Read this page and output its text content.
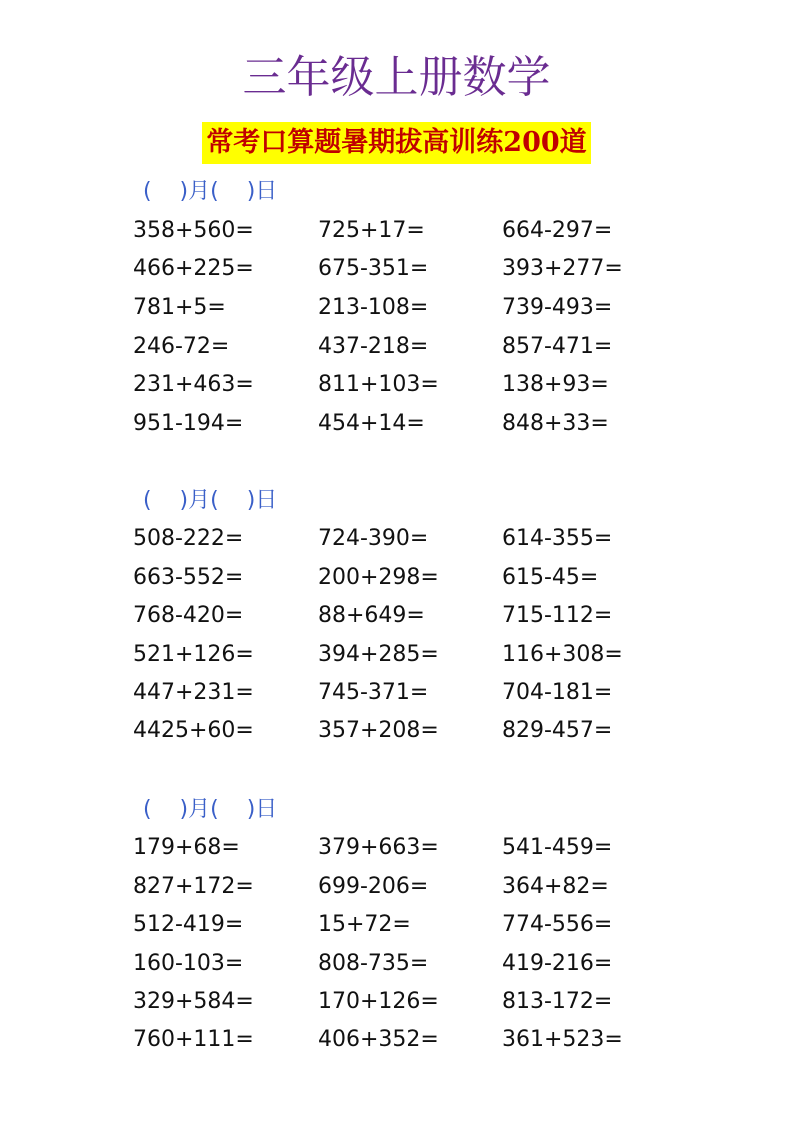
三年级上册数学
常考口算题暑期拔高训练200道
(    )月(    )日
358+560=	725+17=	664-297=
466+225=	675-351=	393+277=
781+5=	213-108=	739-493=
246-72=	437-218=	857-471=
231+463=	811+103=	138+93=
951-194=	454+14=	848+33=
(    )月(    )日
508-222=	724-390=	614-355=
663-552=	200+298=	615-45=
768-420=	88+649=	715-112=
521+126=	394+285=	116+308=
447+231=	745-371=	704-181=
4425+60=	357+208=	829-457=
(    )月(    )日
179+68=	379+663=	541-459=
827+172=	699-206=	364+82=
512-419=	15+72=	774-556=
160-103=	808-735=	419-216=
329+584=	170+126=	813-172=
760+111=	406+352=	361+523=
